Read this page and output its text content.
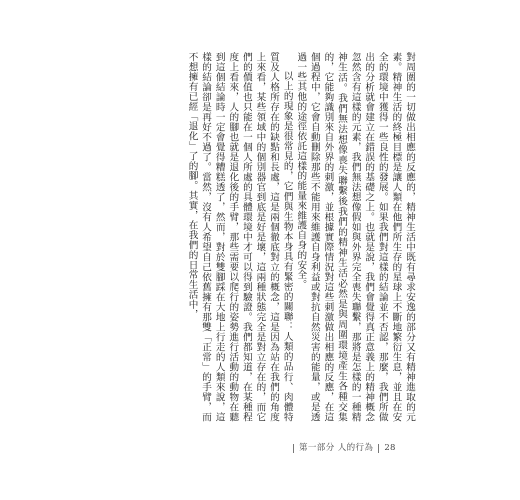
對周圍的一切做出相應的反應的，精神生活中既有尋求安逸的部分又有精神進取的元素。精神生活的終極目標是讓人類在他們所生存的星球上不斷地繁衍生息，並且在安全的環境中獲得一些良性的發展。如果我們對這樣的結論並不否認，那麼，我們所做出的分析就會建立在錯誤的基礎之上。也就是說，我們會覺得真正意義上的精神概念忽然含有這樣的元素，我們無法想像假如與外界完全喪失聯繫，那將是怎樣的一種精神生活。我們無法想像喪失聯繫後我們的精神生活必然是與周圍環境產生各種交集的，它能夠識別來自外界的刺激，並根據實際情況對這些刺激做出相應的反應，在這個過程中，它會自動刪除那些不能用來維護自身利益或對抗自然災害的能量，或是透過一些其他的途徑依託這樣的能量來維護自身的安全。

以上的現象是很常見的，它們與生物本身具有緊密的關聯：人類的品行、肉體特質及人格所存在的缺點和長處，這是兩個徹底對立的概念，這是因為站在我們的角度上來看，某些領域中的個別器官到底是好是壞，這兩種狀態完全是對立存在的，而它們的價值也只能在一個人所處的具體環境中才可以得到驗證。我們都知道，在某種程度上看來，人的腳也就是退化後的手臂，那些需要以爬行的姿勢進行活動的動物在聽到這個結論時一定會覺得糟糕透了，然而，對於雙腳踩在大地上行走的人類來說，這樣的結論卻是再好不過了。當然，沒有人希望自己依舊擁有那雙「正常」的手臂，而不想擁有已經「退化」了的腳。其實，在我們的日常生活中，

第一部分 人的行為 28
